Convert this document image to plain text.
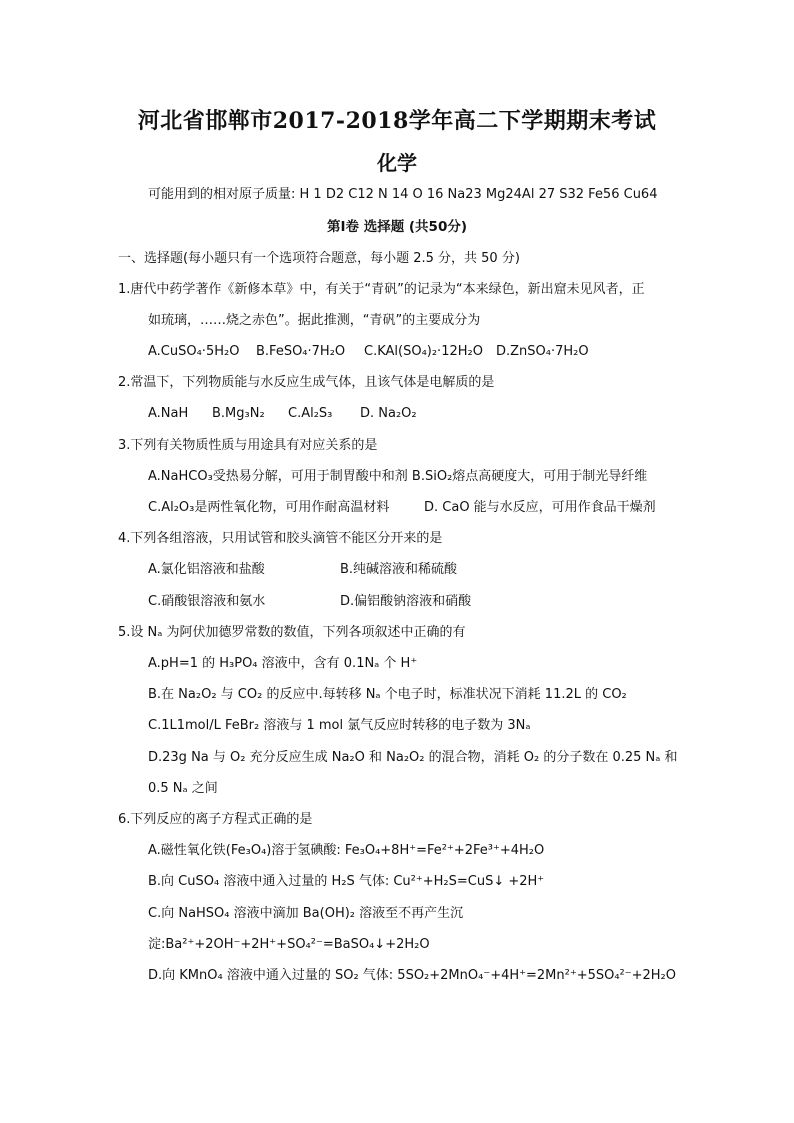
河北省邯郸市2017-2018学年高二下学期期末考试
化学
可能用到的相对原子质量: H 1 D2 C12 N 14 O 16 Na23 Mg24Al 27 S32 Fe56 Cu64
第Ⅰ卷 选择题 (共50分)
一、选择题(每小题只有一个选项符合题意，每小题 2.5 分，共 50 分)
1.唐代中药学著作《新修本草》中，有关于“青矾”的记录为“本来绿色，新出窟未见风者，正
如琉璃，……烧之赤色”。据此推测，“青矾”的主要成分为
A.CuSO₄·5H₂O B.FeSO₄·7H₂O C.KAl(SO₄)₂·12H₂O D.ZnSO₄·7H₂O
2.常温下，下列物质能与水反应生成气体，且该气体是电解质的是
A.NaH B.Mg₃N₂ C.Al₂S₃ D. Na₂O₂
3.下列有关物质性质与用途具有对应关系的是
A.NaHCO₃受热易分解，可用于制胃酸中和剂 B.SiO₂熔点高硬度大，可用于制光导纤维
C.Al₂O₃是两性氧化物，可用作耐高温材料	D. CaO 能与水反应，可用作食品干燥剂
4.下列各组溶液，只用试管和胶头滴管不能区分开来的是
A.氯化铝溶液和盐酸	B.纯碱溶液和稀硫酸
C.硝酸银溶液和氨水	D.偏铝酸钠溶液和硝酸
5.设 Nₐ 为阿伏加德罗常数的数值，下列各项叙述中正确的有
A.pH=1 的 H₃PO₄ 溶液中，含有 0.1Nₐ 个 H⁺
B.在 Na₂O₂ 与 CO₂ 的反应中.每转移 Nₐ 个电子时，标准状况下消耗 11.2L 的 CO₂
C.1L1mol/L FeBr₂ 溶液与 1 mol 氯气反应时转移的电子数为 3Nₐ
D.23g Na 与 O₂ 充分反应生成 Na₂O 和 Na₂O₂ 的混合物，消耗 O₂ 的分子数在 0.25 Nₐ 和
0.5 Nₐ 之间
6.下列反应的离子方程式正确的是
A.磁性氧化铁(Fe₃O₄)溶于氢碘酸: Fe₃O₄+8H⁺=Fe²⁺+2Fe³⁺+4H₂O
B.向 CuSO₄ 溶液中通入过量的 H₂S 气体: Cu²⁺+H₂S=CuS↓ +2H⁺
C.向 NaHSO₄ 溶液中滴加 Ba(OH)₂ 溶液至不再产生沉
淀:Ba²⁺+2OH⁻+2H⁺+SO₄²⁻=BaSO₄↓+2H₂O
D.向 KMnO₄ 溶液中通入过量的 SO₂ 气体: 5SO₂+2MnO₄⁻+4H⁺=2Mn²⁺+5SO₄²⁻+2H₂O
